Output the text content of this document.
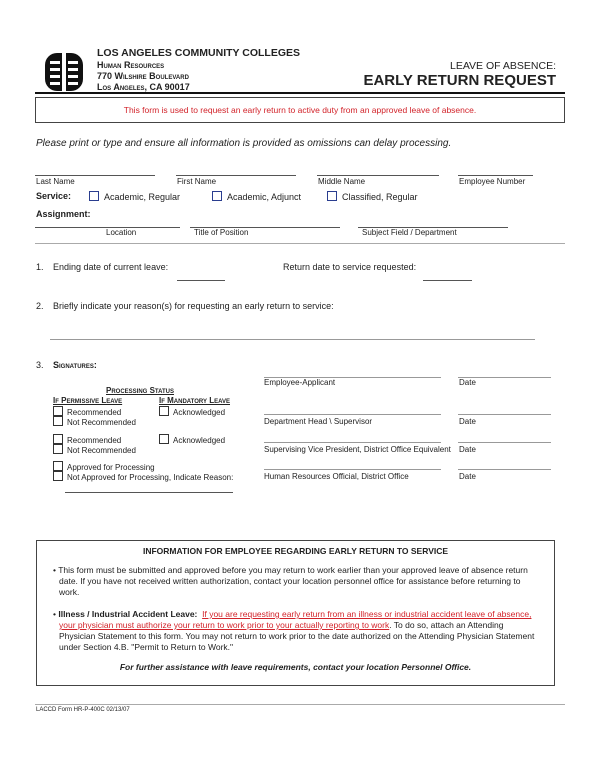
LOS ANGELES COMMUNITY COLLEGES
Human Resources
770 Wilshire Boulevard
Los Angeles, CA 90017
LEAVE OF ABSENCE:
EARLY RETURN REQUEST
This form is used to request an early return to active duty from an approved leave of absence.
Please print or type and ensure all information is provided as omissions can delay processing.
Last Name	First Name	Middle Name	Employee Number
Service:	Academic, Regular	Academic, Adjunct	Classified, Regular
Assignment:
Location	Title of Position	Subject Field / Department
1. Ending date of current leave:	Return date to service requested:
2. Briefly indicate your reason(s) for requesting an early return to service:
3. Signatures:
Processing Status
If Permissive Leave	If Mandatory Leave
Recommended
Not Recommended
Acknowledged
Recommended
Not Recommended
Acknowledged
Approved for Processing
Not Approved for Processing, Indicate Reason:
Employee-Applicant	Date
Department Head \ Supervisor	Date
Supervising Vice President, District Office Equivalent Date
Human Resources Official, District Office	Date
INFORMATION FOR EMPLOYEE REGARDING EARLY RETURN TO SERVICE
• This form must be submitted and approved before you may return to work earlier than your approved leave of absence return date. If you have not received written authorization, contact your location personnel office for assistance before returning to work.
• Illness / Industrial Accident Leave: If you are requesting early return from an illness or industrial accident leave of absence, your physician must authorize your return to work prior to your actually reporting to work. To do so, attach an Attending Physician Statement to this form. You may not return to work prior to the date authorized on the Attending Physician Statement under Section 4.B. "Permit to Return to Work."
For further assistance with leave requirements, contact your location Personnel Office.
LACCD Form HR-P-400C 02/13/07
